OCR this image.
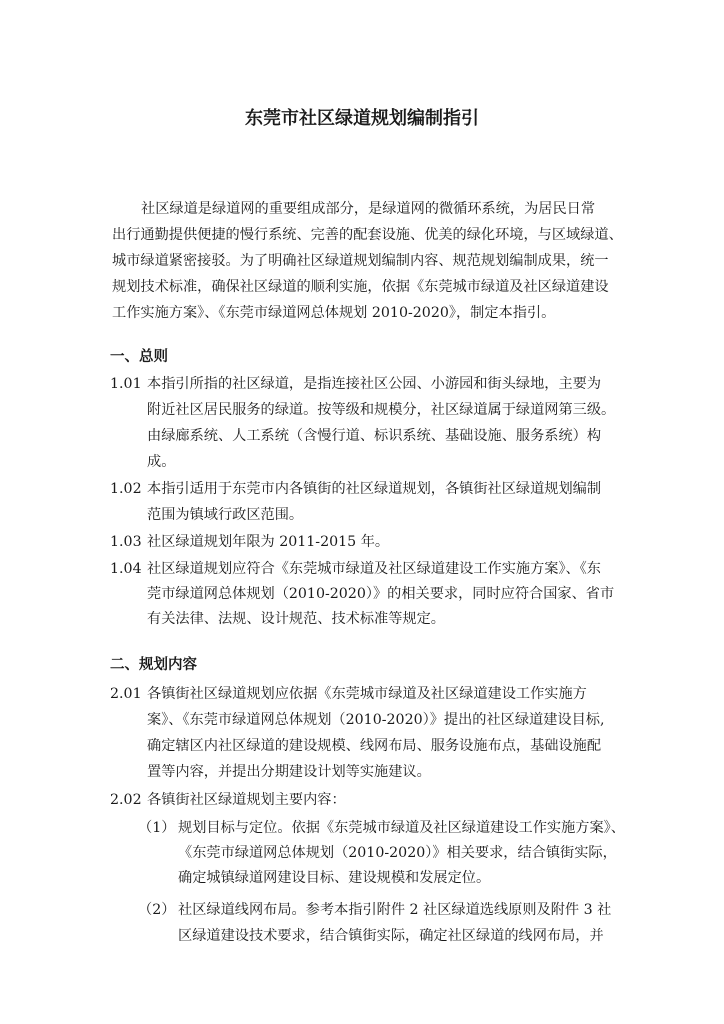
东莞市社区绿道规划编制指引
社区绿道是绿道网的重要组成部分，是绿道网的微循环系统，为居民日常
出行通勤提供便捷的慢行系统、完善的配套设施、优美的绿化环境，与区域绿道、
城市绿道紧密接驳。为了明确社区绿道规划编制内容、规范规划编制成果，统一
规划技术标准，确保社区绿道的顺利实施，依据《东莞城市绿道及社区绿道建设
工作实施方案》、《东莞市绿道网总体规划 2010-2020》，制定本指引。
一、总则
1.01 本指引所指的社区绿道，是指连接社区公园、小游园和街头绿地，主要为
附近社区居民服务的绿道。按等级和规模分，社区绿道属于绿道网第三级。
由绿廊系统、人工系统（含慢行道、标识系统、基础设施、服务系统）构
成。
1.02 本指引适用于东莞市内各镇街的社区绿道规划，各镇街社区绿道规划编制
范围为镇域行政区范围。
1.03 社区绿道规划年限为 2011-2015 年。
1.04 社区绿道规划应符合《东莞城市绿道及社区绿道建设工作实施方案》、《东
莞市绿道网总体规划（2010-2020）》的相关要求，同时应符合国家、省市
有关法律、法规、设计规范、技术标准等规定。
二、规划内容
2.01 各镇街社区绿道规划应依据《东莞城市绿道及社区绿道建设工作实施方
案》、《东莞市绿道网总体规划（2010-2020）》提出的社区绿道建设目标,
确定辖区内社区绿道的建设规模、线网布局、服务设施布点，基础设施配
置等内容，并提出分期建设计划等实施建议。
2.02 各镇街社区绿道规划主要内容：
（1） 规划目标与定位。依据《东莞城市绿道及社区绿道建设工作实施方案》、
《东莞市绿道网总体规划（2010-2020）》相关要求，结合镇街实际，
确定城镇绿道网建设目标、建设规模和发展定位。
（2） 社区绿道线网布局。参考本指引附件 2 社区绿道选线原则及附件 3 社
区绿道建设技术要求，结合镇街实际，确定社区绿道的线网布局，并
